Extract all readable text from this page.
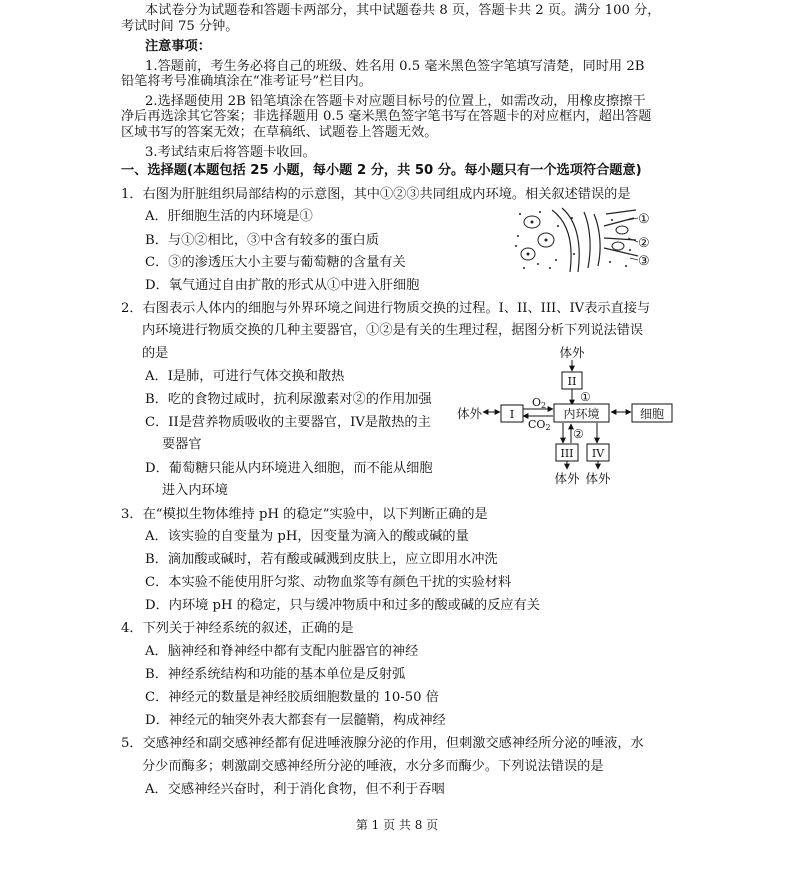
本试卷分为试题卷和答题卡两部分，其中试题卷共 8 页，答题卡共 2 页。满分 100 分，
考试时间 75 分钟。
注意事项：
1.答题前，考生务必将自己的班级、姓名用 0.5 毫米黑色签字笔填写清楚，同时用 2B
铅笔将考号准确填涂在“准考证号”栏目内。
2.选择题使用 2B 铅笔填涂在答题卡对应题目标号的位置上，如需改动，用橡皮擦擦干
净后再选涂其它答案；非选择题用 0.5 毫米黑色签字笔书写在答题卡的对应框内，超出答题
区域书写的答案无效；在草稿纸、试题卷上答题无效。
3.考试结束后将答题卡收回。
一、选择题(本题包括 25 小题，每小题 2 分，共 50 分。每小题只有一个选项符合题意)
1．右图为肝脏组织局部结构的示意图，其中①②③共同组成内环境。相关叙述错误的是
A．肝细胞生活的内环境是①
B．与①②相比，③中含有较多的蛋白质
C．③的渗透压大小主要与葡萄糖的含量有关
D．氧气通过自由扩散的形式从①中进入肝细胞
①
②
③
2．右图表示人体内的细胞与外界环境之间进行物质交换的过程。I、II、III、IV表示直接与
内环境进行物质交换的几种主要器官，①②是有关的生理过程，据图分析下列说法错误
的是
A．I是肺，可进行气体交换和散热
B．吃的食物过咸时，抗利尿激素对②的作用加强
C．II是营养物质吸收的主要器官，IV是散热的主
要器官
D．葡萄糖只能从内环境进入细胞，而不能从细胞
进入内环境
体外
II
①
体外 I
O2
CO2
内环境	细胞
②
III IV
体外 体外
3．在“模拟生物体维持 pH 的稳定”实验中，以下判断正确的是
A．该实验的自变量为 pH，因变量为滴入的酸或碱的量
B．滴加酸或碱时，若有酸或碱溅到皮肤上，应立即用水冲洗
C．本实验不能使用肝匀浆、动物血浆等有颜色干扰的实验材料
D．内环境 pH 的稳定，只与缓冲物质中和过多的酸或碱的反应有关
4．下列关于神经系统的叙述，正确的是
A．脑神经和脊神经中都有支配内脏器官的神经
B．神经系统结构和功能的基本单位是反射弧
C．神经元的数量是神经胶质细胞数量的 10-50 倍
D．神经元的轴突外表大都套有一层髓鞘，构成神经
5．交感神经和副交感神经都有促进唾液腺分泌的作用，但刺激交感神经所分泌的唾液，水
分少而酶多；刺激副交感神经所分泌的唾液，水分多而酶少。下列说法错误的是
A．交感神经兴奋时，利于消化食物，但不利于吞咽
第 1 页 共 8 页
